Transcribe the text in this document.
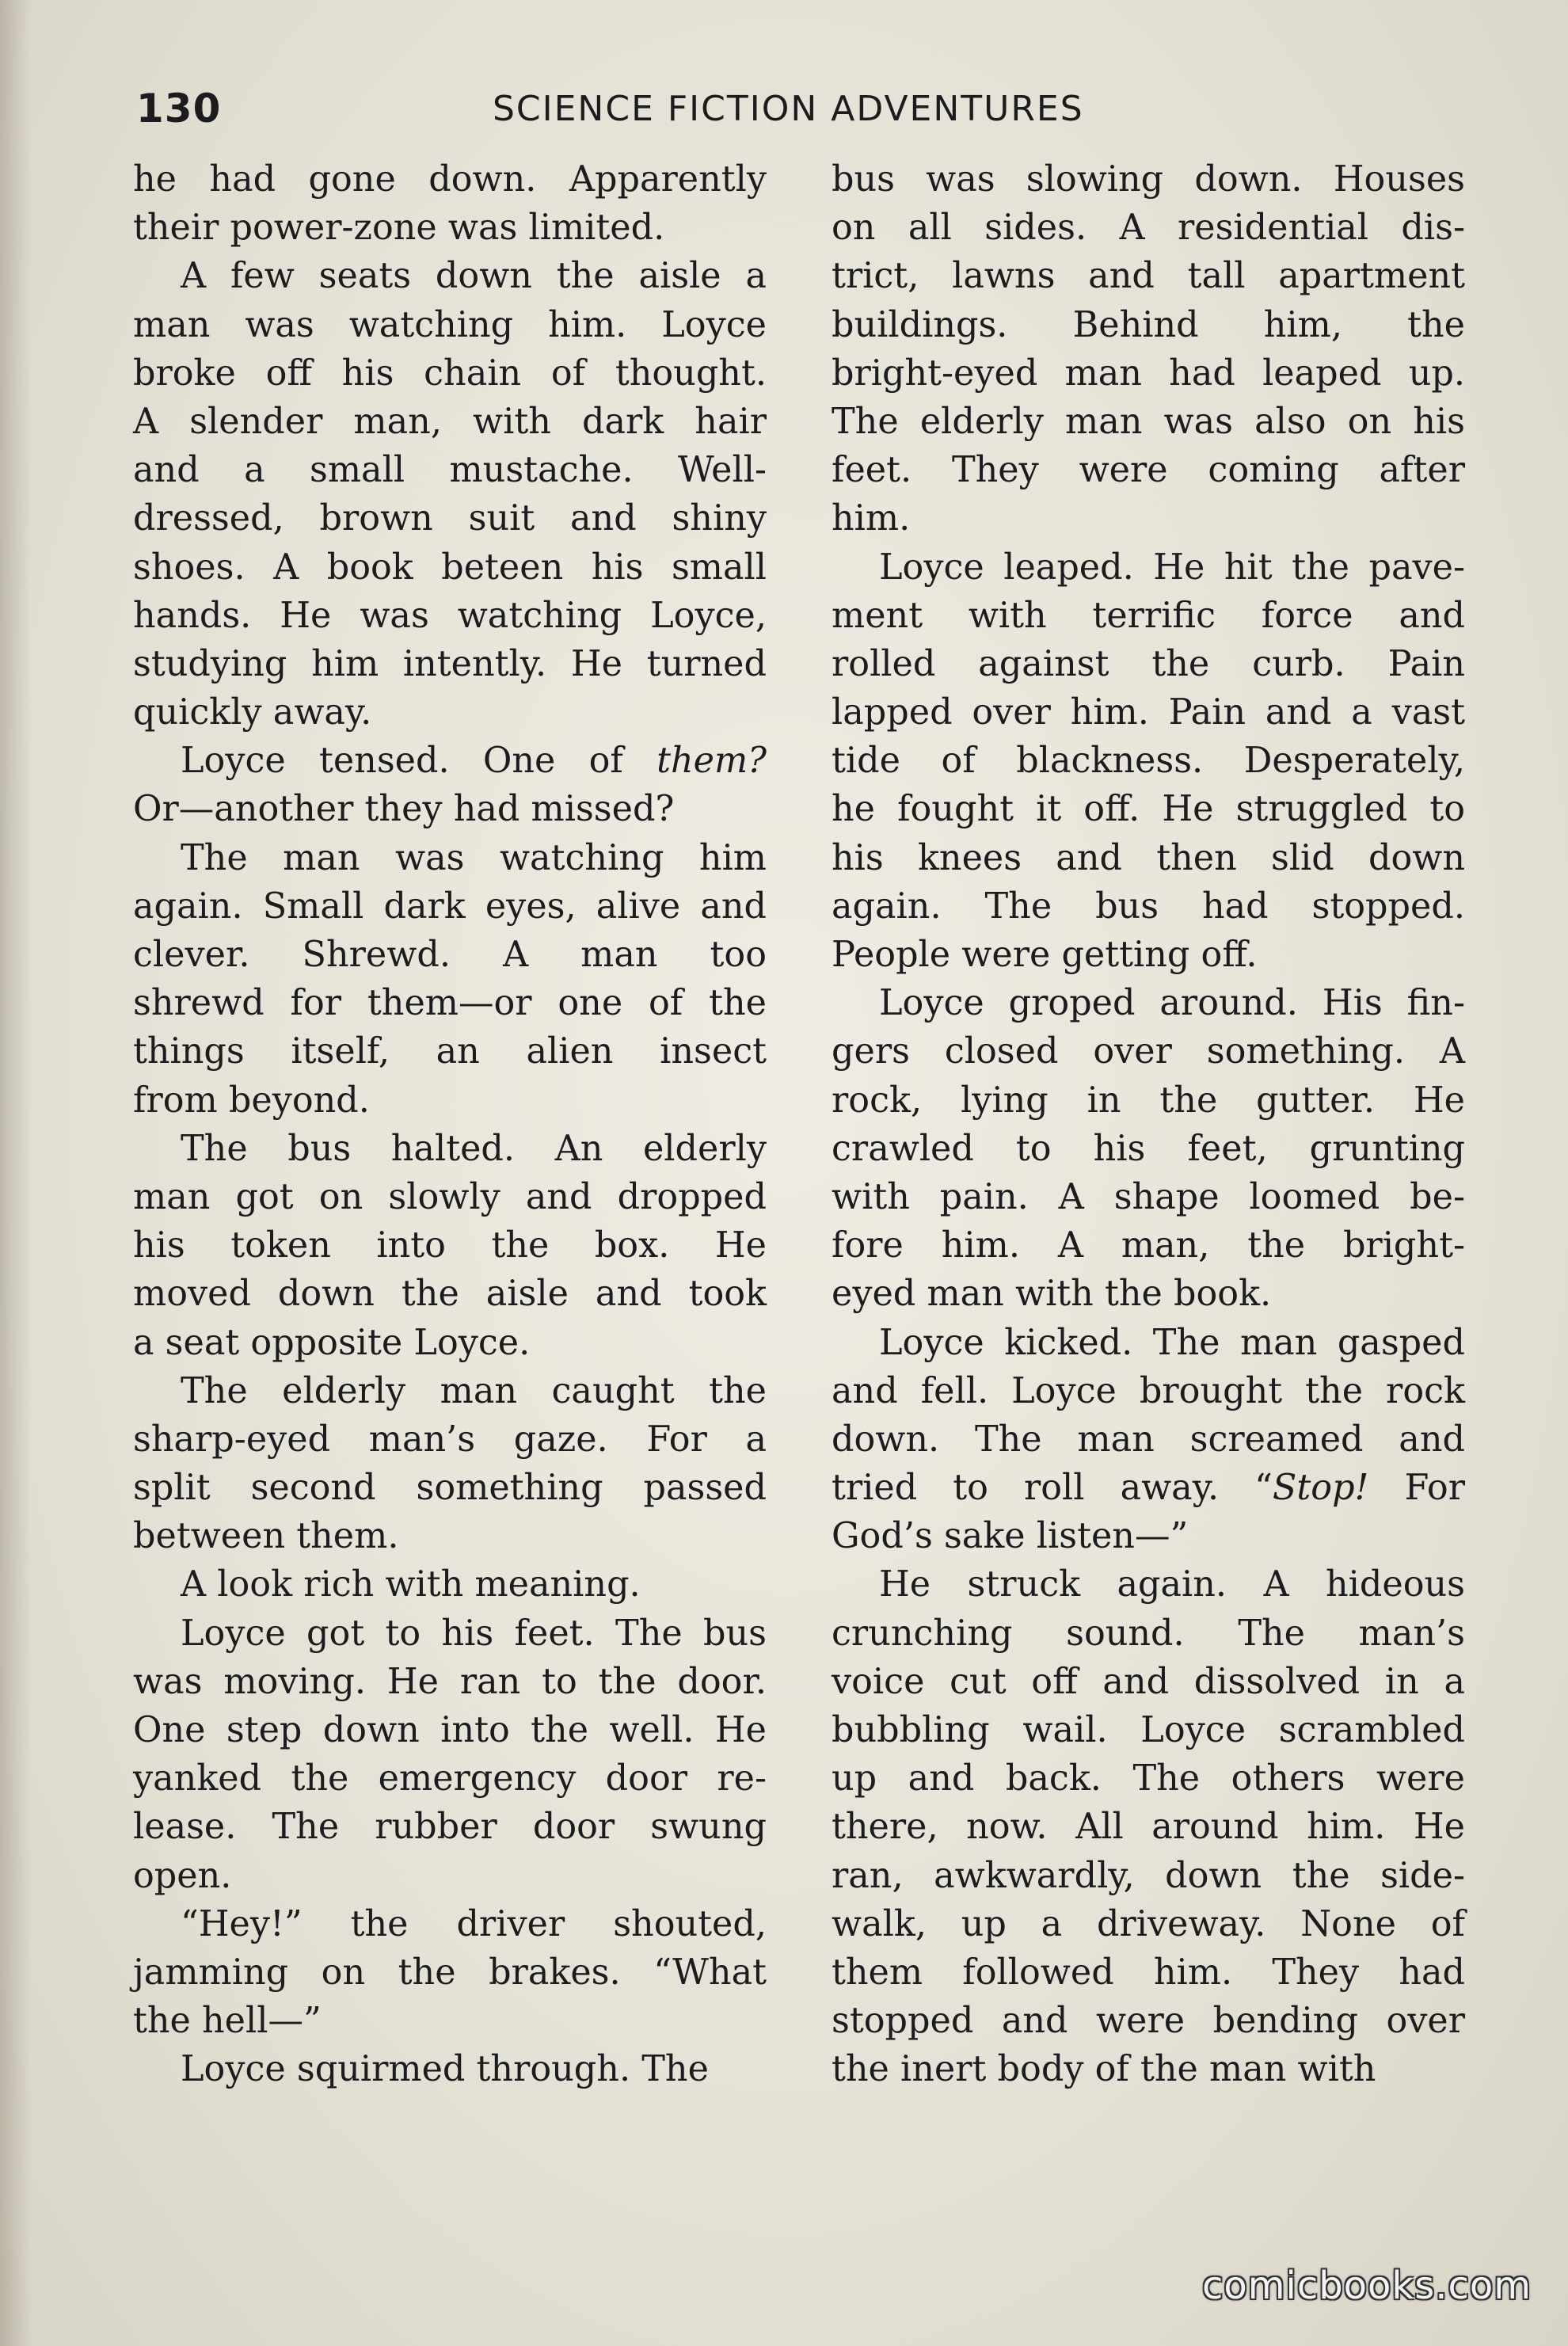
130	SCIENCE FICTION ADVENTURES
he had gone down. Apparently
their power-zone was limited.
A few seats down the aisle a
man was watching him. Loyce
broke off his chain of thought.
A slender man, with dark hair
and a small mustache. Well-
dressed, brown suit and shiny
shoes. A book beteen his small
hands. He was watching Loyce,
studying him intently. He turned
quickly away.
Loyce tensed. One of them?
Or—another they had missed?
The man was watching him
again. Small dark eyes, alive and
clever. Shrewd. A man too
shrewd for them—or one of the
things itself, an alien insect
from beyond.
The bus halted. An elderly
man got on slowly and dropped
his token into the box. He
moved down the aisle and took
a seat opposite Loyce.
The elderly man caught the
sharp-eyed man’s gaze. For a
split second something passed
between them.
A look rich with meaning.
Loyce got to his feet. The bus
was moving. He ran to the door.
One step down into the well. He
yanked the emergency door re-
lease. The rubber door swung
open.
“Hey!” the driver shouted,
jamming on the brakes. “What
the hell—”
Loyce squirmed through. The
bus was slowing down. Houses
on all sides. A residential dis-
trict, lawns and tall apartment
buildings. Behind him, the
bright-eyed man had leaped up.
The elderly man was also on his
feet. They were coming after
him.
Loyce leaped. He hit the pave-
ment with terrific force and
rolled against the curb. Pain
lapped over him. Pain and a vast
tide of blackness. Desperately,
he fought it off. He struggled to
his knees and then slid down
again. The bus had stopped.
People were getting off.
Loyce groped around. His fin-
gers closed over something. A
rock, lying in the gutter. He
crawled to his feet, grunting
with pain. A shape loomed be-
fore him. A man, the bright-
eyed man with the book.
Loyce kicked. The man gasped
and fell. Loyce brought the rock
down. The man screamed and
tried to roll away. “Stop! For
God’s sake listen—”
He struck again. A hideous
crunching sound. The man’s
voice cut off and dissolved in a
bubbling wail. Loyce scrambled
up and back. The others were
there, now. All around him. He
ran, awkwardly, down the side-
walk, up a driveway. None of
them followed him. They had
stopped and were bending over
the inert body of the man with
comicbooks.com
